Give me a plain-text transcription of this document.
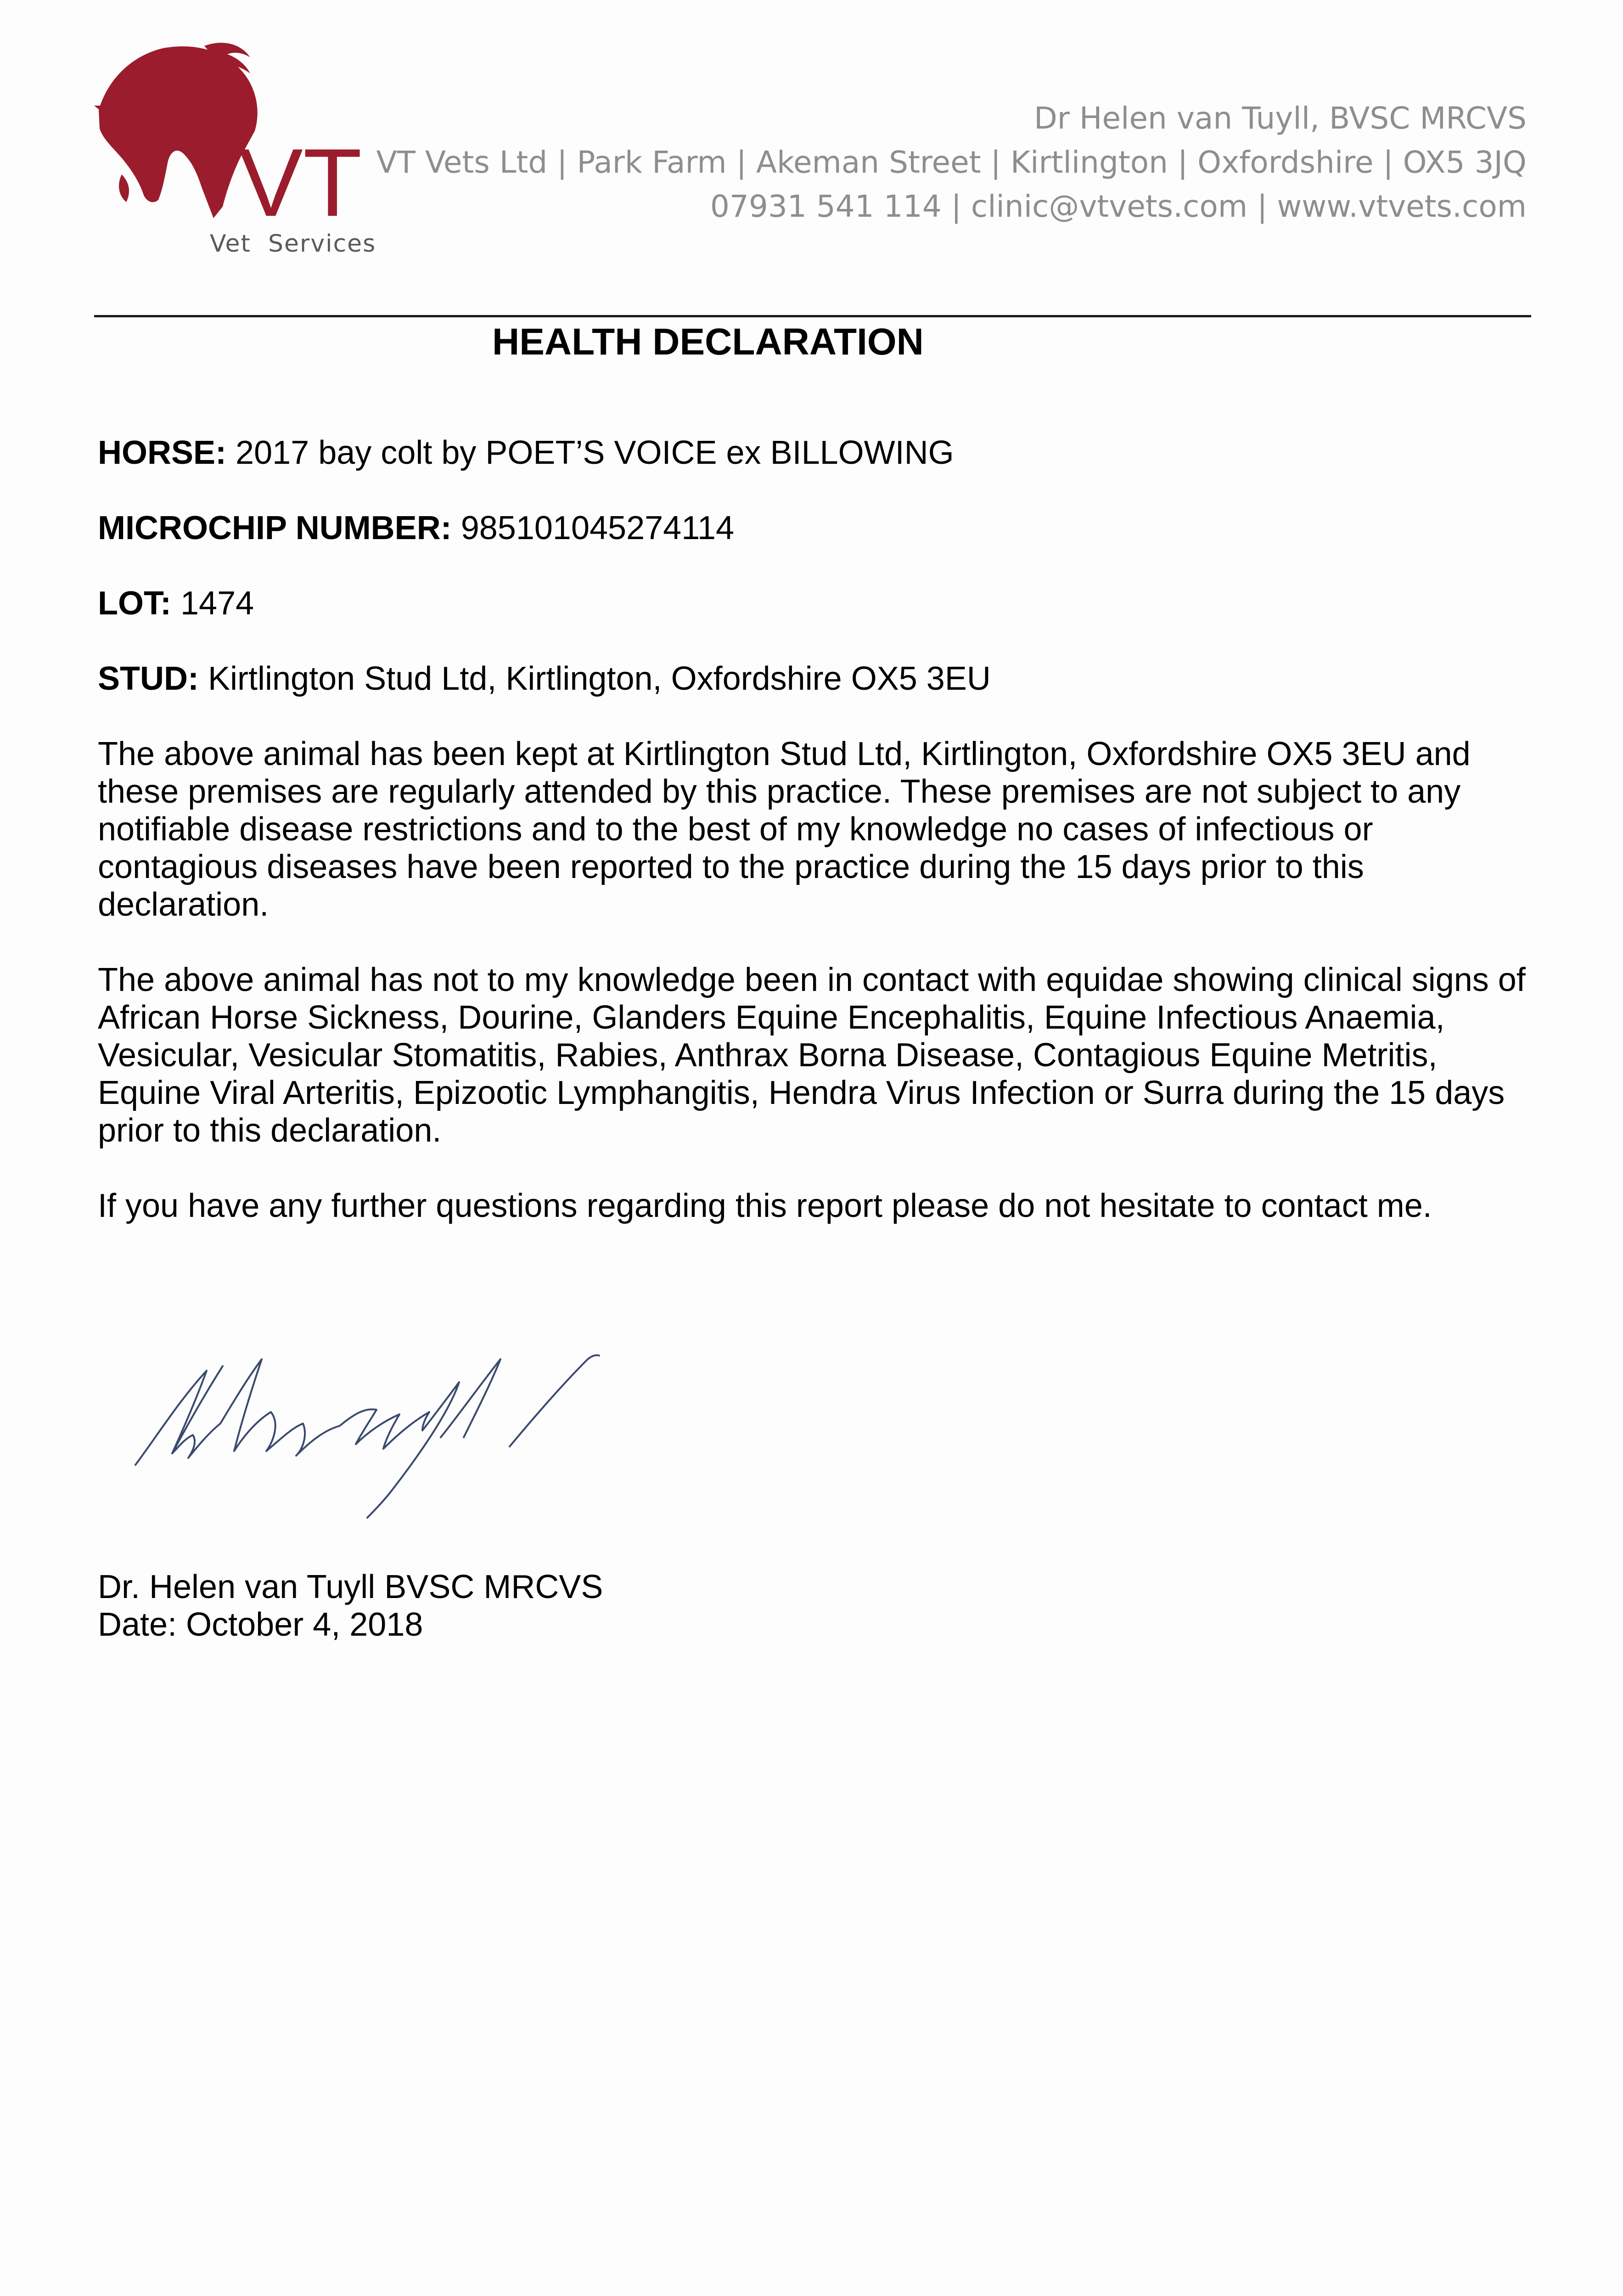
VT
Vet  Services
Dr Helen van Tuyll, BVSC MRCVS
VT Vets Ltd | Park Farm | Akeman Street | Kirtlington | Oxfordshire | OX5 3JQ
07931 541 114 | clinic@vtvets.com | www.vtvets.com
HEALTH DECLARATION
HORSE: 2017 bay colt by POET’S VOICE ex BILLOWING
MICROCHIP NUMBER: 985101045274114
LOT: 1474
STUD: Kirtlington Stud Ltd, Kirtlington, Oxfordshire OX5 3EU
The above animal has been kept at Kirtlington Stud Ltd, Kirtlington, Oxfordshire OX5 3EU and
these premises are regularly attended by this practice. These premises are not subject to any
notifiable disease restrictions and to the best of my knowledge no cases of infectious or
contagious diseases have been reported to the practice during the 15 days prior to this
declaration.
The above animal has not to my knowledge been in contact with equidae showing clinical signs of
African Horse Sickness, Dourine, Glanders Equine Encephalitis, Equine Infectious Anaemia,
Vesicular, Vesicular Stomatitis, Rabies, Anthrax Borna Disease, Contagious Equine Metritis,
Equine Viral Arteritis, Epizootic Lymphangitis, Hendra Virus Infection or Surra during the 15 days
prior to this declaration.
If you have any further questions regarding this report please do not hesitate to contact me.
Dr. Helen van Tuyll BVSC MRCVS
Date: October 4, 2018
